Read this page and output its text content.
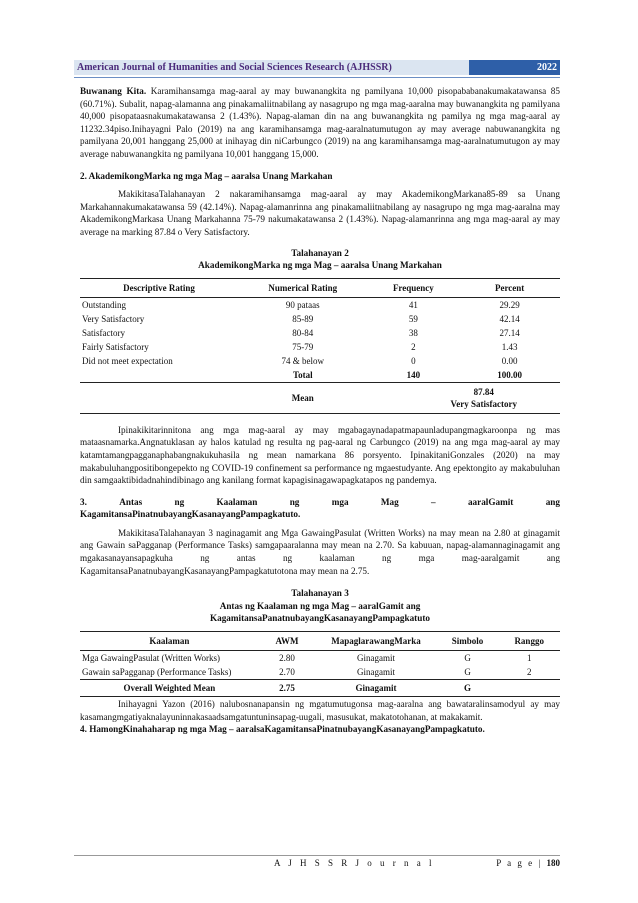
American Journal of Humanities and Social Sciences Research (AJHSSR)	2022

Buwanang Kita. Karamihansamga mag-aaral ay may buwanangkita ng pamilyana 10,000 pisopababanakumakatawansa 85 (60.71%). Subalit, napag-alamanna ang pinakamaliitnabilang ay nasagrupo ng mga mag-aaralna may buwanangkita ng pamilyana 40,000 pisopataasnakumakatawansa 2 (1.43%). Napag-alaman din na ang buwanangkita ng pamilya ng mga mag-aaral ay 11232.34piso.Inihayagni Palo (2019) na ang karamihansamga mag-aaralnatumutugon ay may average nabuwanangkita ng pamilyana 20,001 hanggang 25,000 at inihayag din niCarbungco (2019) na ang karamihansamga mag-aaralnatumutugon ay may average nabuwanangkita ng pamilyana 10,001 hanggang 15,000.

2. AkademikongMarka ng mga Mag – aaralsa Unang Markahan

MakikitasaTalahanayan 2 nakaramihansamga mag-aaral ay may AkademikongMarkana85-89 sa Unang Markahannakumakatawansa 59 (42.14%). Napag-alamanrinna ang pinakamaliitnabilang ay nasagrupo ng mga mag-aaralna may AkademikongMarkasa Unang Markahanna 75-79 nakumakatawansa 2 (1.43%). Napag-alamanrinna ang mga mag-aaral ay may average na marking 87.84 o Very Satisfactory.

Talahanayan 2

AkademikongMarka ng mga Mag – aaralsa Unang Markahan

Descriptive Rating	Numerical Rating	Frequency	Percent
Outstanding	90 pataas	41	29.29
Very Satisfactory	85-89	59	42.14
Satisfactory	80-84	38	27.14
Fairly Satisfactory	75-79	2	1.43
Did not meet expectation	74 & below	0	0.00
	Total	140	100.00
	Mean	87.84
Very Satisfactory	

Ipinakikitarinnitona ang mga mag-aaral ay may mgabagaynadapatmapaunladupangmagkaroonpa ng mas mataasnamarka.Angnatuklasan ay halos katulad ng resulta ng pag-aaral ng Carbungco (2019) na ang mga mag-aaral ay may katamtamangpagganaphabangnakukuhasila ng mean namarkana 86 porsyento. IpinakitaniGonzales (2020) na may makabuluhangpositibongepekto ng COVID-19 confinement sa performance ng mgaestudyante. Ang epektongito ay makabuluhan din samgaaktibidadnahindibinago ang kanilang format kapagisinagawapagkatapos ng pandemya.

3.	Antas	ng	Kaalaman	ng	mga	Mag	–	aaralGamit	ang
KagamitansaPinatnubayangKasanayangPampagkatuto.

MakikitasaTalahanayan 3 naginagamit ang Mga GawaingPasulat (Written Works) na may mean na 2.80 at ginagamit ang Gawain saPagganap (Performance Tasks) samgapaaralanna may mean na 2.70. Sa kabuuan, napag-alamannaginagamit ang mgakasanayansapagkuha ng antas ng kaalaman ng mga mag-aaralgamit ang KagamitansaPanatnubayangKasanayangPampagkatutotona may mean na 2.75.

Talahanayan 3

Antas ng Kaalaman ng mga Mag – aaralGamit ang

KagamitansaPanatnubayangKasanayangPampagkatuto

Kaalaman	AWM	MapaglarawangMarka	Simbolo	Ranggo
Mga GawaingPasulat (Written Works)	2.80	Ginagamit	G	1
Gawain saPagganap (Performance Tasks)	2.70	Ginagamit	G	2
Overall Weighted Mean	2.75	Ginagamit	G	

Inihayagni Yazon (2016) nalubosnanapansin ng mgatumutugonsa mag-aaralna ang bawataralinsamodyul ay may kasamangmgatiyaknalayuninnakasaadsamgatuntuninsapag-uugali, masusukat, makatotohanan, at makakamit.

4. HamongKinahaharap ng mga Mag – aaralsaKagamitansaPinatnubayangKasanayangPampagkatuto.

A J H S S R J o u r n a l	P a g e | 180
